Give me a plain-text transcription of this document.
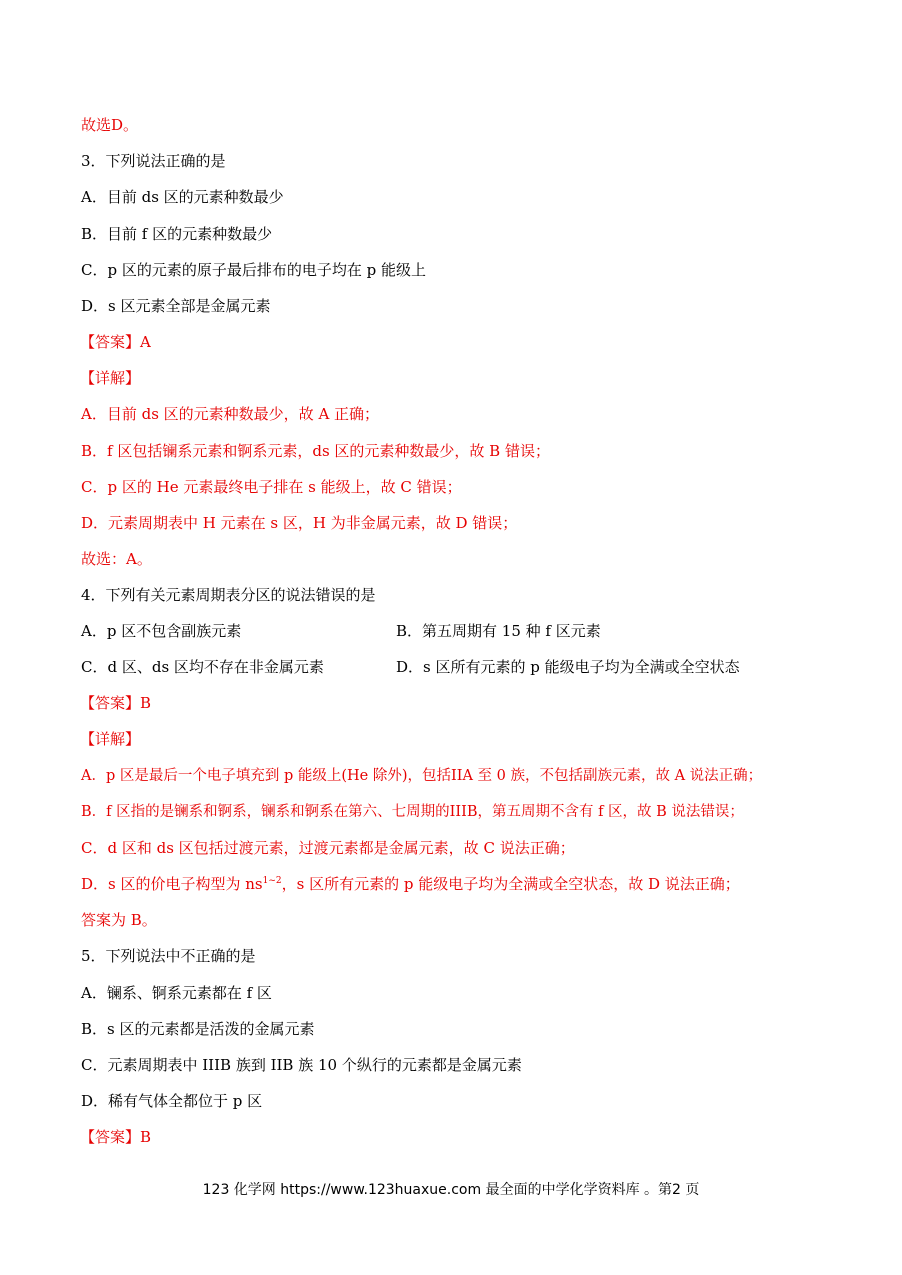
故选D。
3．下列说法正确的是
A．目前 ds 区的元素种数最少
B．目前 f 区的元素种数最少
C．p 区的元素的原子最后排布的电子均在 p 能级上
D．s 区元素全部是金属元素
【答案】A
【详解】
A．目前 ds 区的元素种数最少，故 A 正确；
B．f 区包括镧系元素和锕系元素，ds 区的元素种数最少，故 B 错误；
C．p 区的 He 元素最终电子排在 s 能级上，故 C 错误；
D．元素周期表中 H 元素在 s 区，H 为非金属元素，故 D 错误；
故选：A。
4．下列有关元素周期表分区的说法错误的是
A．p 区不包含副族元素	B．第五周期有 15 种 f 区元素
C．d 区、ds 区均不存在非金属元素	D．s 区所有元素的 p 能级电子均为全满或全空状态
【答案】B
【详解】
A．p 区是最后一个电子填充到 p 能级上(He 除外)，包括IIA 至 0 族，不包括副族元素，故 A 说法正确；
B．f 区指的是镧系和锕系，镧系和锕系在第六、七周期的IIIB，第五周期不含有 f 区，故 B 说法错误；
C．d 区和 ds 区包括过渡元素，过渡元素都是金属元素，故 C 说法正确；
D．s 区的价电子构型为 $ns^{1\sim 2}$，s 区所有元素的 p 能级电子均为全满或全空状态，故 D 说法正确；
答案为 B。
5．下列说法中不正确的是
A．镧系、锕系元素都在 f 区
B．s 区的元素都是活泼的金属元素
C．元素周期表中 IIIB 族到 IIB 族 10 个纵行的元素都是金属元素
D．稀有气体全都位于 p 区
【答案】B
123 化学网 https://www.123huaxue.com 最全面的中学化学资料库 。第2 页
